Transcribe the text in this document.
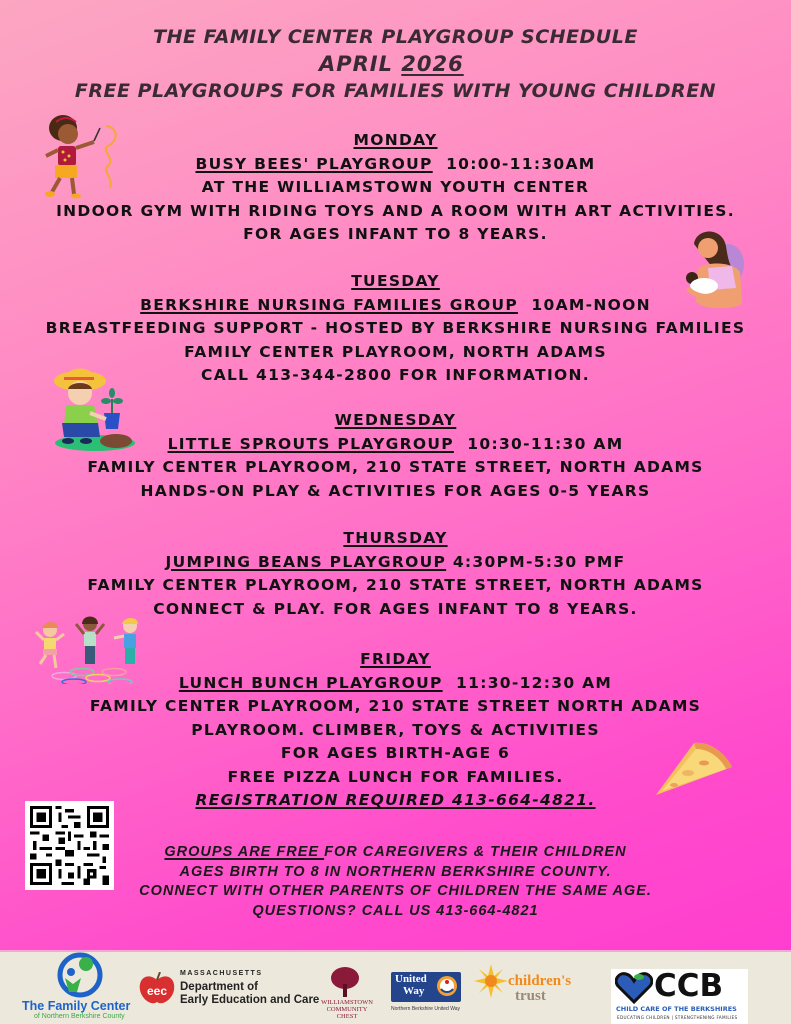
THE FAMILY CENTER PLAYGROUP SCHEDULE
APRIL 2026
FREE PLAYGROUPS FOR FAMILIES WITH YOUNG CHILDREN
MONDAY
BUSY BEES' PLAYGROUP 10:00-11:30AM
AT THE WILLIAMSTOWN YOUTH CENTER
INDOOR GYM WITH RIDING TOYS AND A ROOM WITH ART ACTIVITIES.
FOR AGES INFANT TO 8 YEARS.
TUESDAY
BERKSHIRE NURSING FAMILIES GROUP 10AM-NOON
BREASTFEEDING SUPPORT - HOSTED BY BERKSHIRE NURSING FAMILIES
FAMILY CENTER PLAYROOM, NORTH ADAMS
CALL 413-344-2800 FOR INFORMATION.
WEDNESDAY
LITTLE SPROUTS PLAYGROUP 10:30-11:30 AM
FAMILY CENTER PLAYROOM, 210 STATE STREET, NORTH ADAMS
HANDS-ON PLAY & ACTIVITIES FOR AGES 0-5 YEARS
THURSDAY
JUMPING BEANS PLAYGROUP 4:30PM-5:30 PMF
FAMILY CENTER PLAYROOM, 210 STATE STREET, NORTH ADAMS
CONNECT & PLAY. FOR AGES INFANT TO 8 YEARS.
FRIDAY
LUNCH BUNCH PLAYGROUP 11:30-12:30 AM
FAMILY CENTER PLAYROOM, 210 STATE STREET NORTH ADAMS
PLAYROOM. CLIMBER, TOYS & ACTIVITIES
FOR AGES BIRTH-AGE 6
FREE PIZZA LUNCH FOR FAMILIES.
REGISTRATION REQUIRED 413-664-4821.
GROUPS ARE FREE FOR CAREGIVERS & THEIR CHILDREN
AGES BIRTH TO 8 IN NORTHERN BERKSHIRE COUNTY.
CONNECT WITH OTHER PARENTS OF CHILDREN THE SAME AGE.
QUESTIONS? CALL US 413-664-4821
The Family Center
of Northern Berkshire County
eec
MASSACHUSETTS
Department of
Early Education and Care WILLIAMSTOWN
COMMUNITY CHEST
United
Way
Northern Berkshire United Way
children's
trust	CCB
CHILD CARE OF THE BERKSHIRES
EDUCATING CHILDREN | STRENGTHENING FAMILIES
